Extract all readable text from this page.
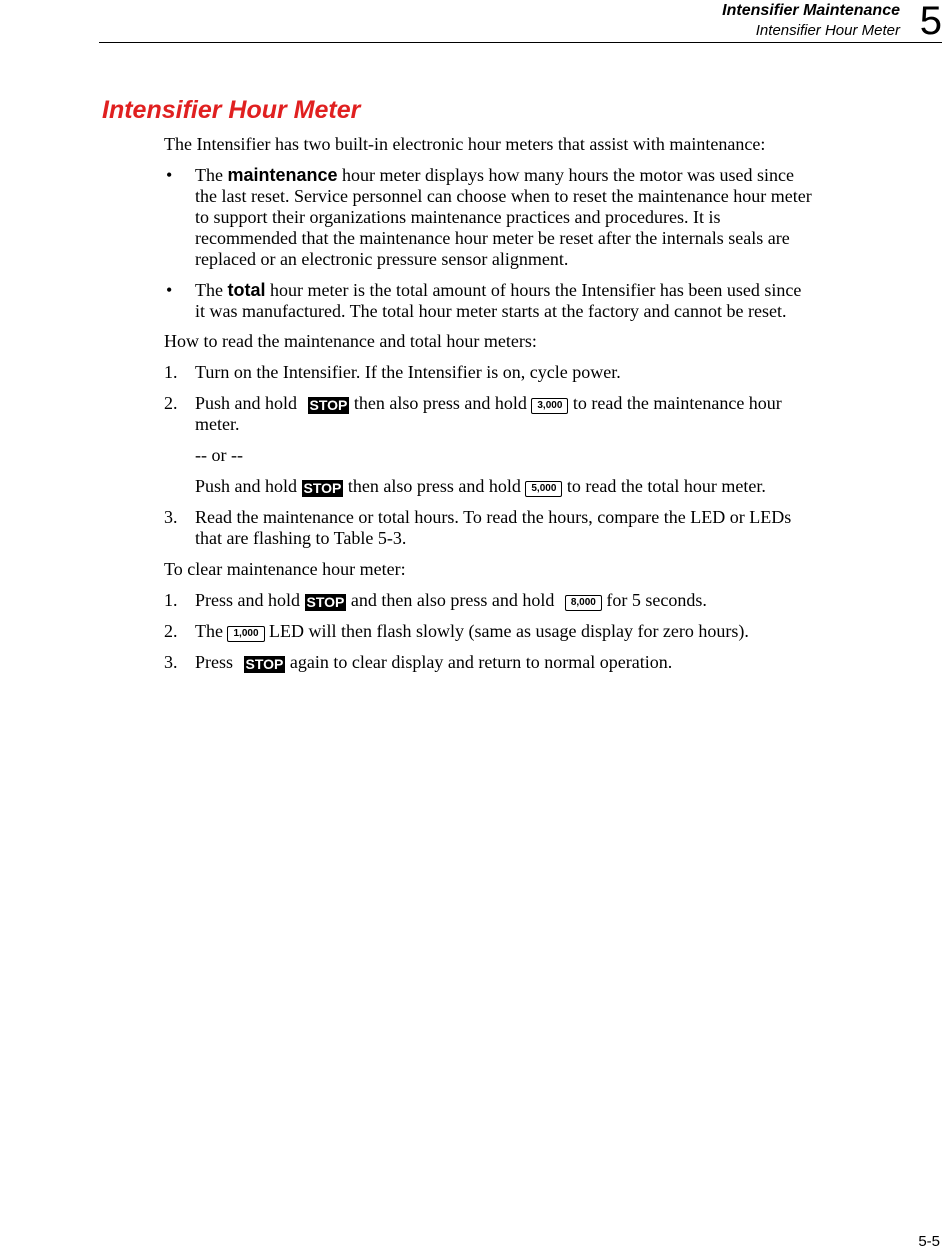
Intensifier Maintenance
Intensifier Hour Meter 5
Intensifier Hour Meter
The Intensifier has two built-in electronic hour meters that assist with maintenance:
• The maintenance hour meter displays how many hours the motor was used since
the last reset. Service personnel can choose when to reset the maintenance hour meter
to support their organizations maintenance practices and procedures. It is
recommended that the maintenance hour meter be reset after the internals seals are
replaced or an electronic pressure sensor alignment.
• The total hour meter is the total amount of hours the Intensifier has been used since
it was manufactured. The total hour meter starts at the factory and cannot be reset.
How to read the maintenance and total hour meters:
1. Turn on the Intensifier. If the Intensifier is on, cycle power.
2. Push and hold STOP then also press and hold 3,000 to read the maintenance hour
meter.
-- or --
Push and hold STOP then also press and hold 5,000 to read the total hour meter.
3. Read the maintenance or total hours. To read the hours, compare the LED or LEDs
that are flashing to Table 5-3.
To clear maintenance hour meter:
1. Press and hold STOP and then also press and hold 8,000 for 5 seconds.
2. The 1,000 LED will then flash slowly (same as usage display for zero hours).
3. Press STOP again to clear display and return to normal operation.
5-5
